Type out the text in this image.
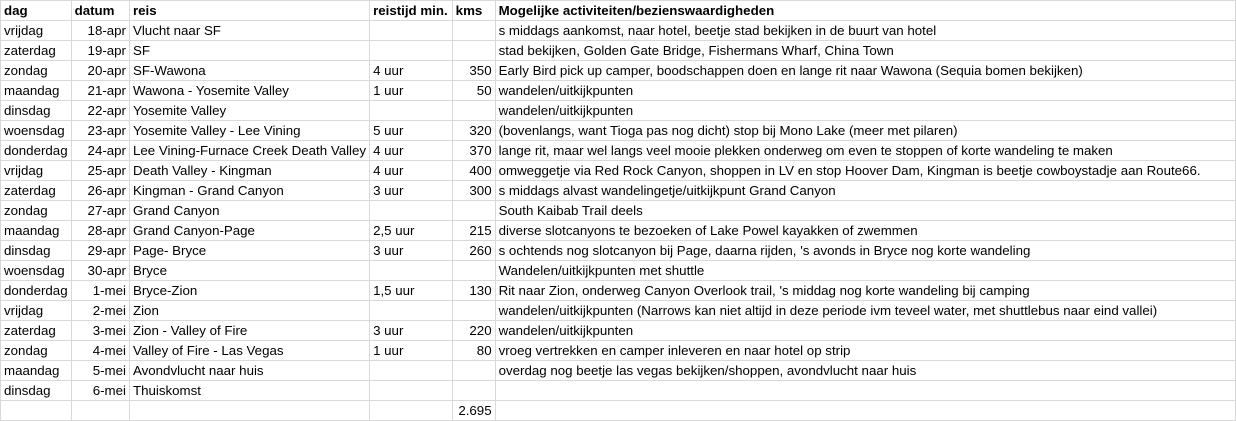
dag	datum	reis	reistijd min.	kms	Mogelijke activiteiten/bezienswaardigheden
vrijdag	18-apr	Vlucht naar SF			s middags aankomst, naar hotel, beetje stad bekijken in de buurt van hotel
zaterdag	19-apr	SF			stad bekijken, Golden Gate Bridge, Fishermans Wharf, China Town
zondag	20-apr	SF-Wawona	4 uur	350	Early Bird pick up camper, boodschappen doen en lange rit naar Wawona (Sequia bomen bekijken)
maandag	21-apr	Wawona - Yosemite Valley	1 uur	50	wandelen/uitkijkpunten
dinsdag	22-apr	Yosemite Valley			wandelen/uitkijkpunten
woensdag	23-apr	Yosemite Valley - Lee Vining	5 uur	320	(bovenlangs, want Tioga pas nog dicht) stop bij Mono Lake (meer met pilaren)
donderdag	24-apr	Lee Vining-Furnace Creek Death Valley	4 uur	370	lange rit, maar wel langs veel mooie plekken onderweg om even te stoppen of korte wandeling te maken
vrijdag	25-apr	Death Valley - Kingman	4 uur	400	omweggetje via Red Rock Canyon, shoppen in LV en stop Hoover Dam, Kingman is beetje cowboystadje aan Route66.
zaterdag	26-apr	Kingman - Grand Canyon	3 uur	300	s middags alvast wandelingetje/uitkijkpunt Grand Canyon
zondag	27-apr	Grand Canyon			South Kaibab Trail deels
maandag	28-apr	Grand Canyon-Page	2,5 uur	215	diverse slotcanyons te bezoeken of Lake Powel kayakken of zwemmen
dinsdag	29-apr	Page- Bryce	3 uur	260	s ochtends nog slotcanyon bij Page, daarna rijden, 's avonds in Bryce nog korte wandeling
woensdag	30-apr	Bryce			Wandelen/uitkijkpunten met shuttle
donderdag	1-mei	Bryce-Zion	1,5 uur	130	Rit naar Zion, onderweg Canyon Overlook trail, 's middag nog korte wandeling bij camping
vrijdag	2-mei	Zion			wandelen/uitkijkpunten (Narrows kan niet altijd in deze periode ivm teveel water, met shuttlebus naar eind vallei)
zaterdag	3-mei	Zion - Valley of Fire	3 uur	220	wandelen/uitkijkpunten
zondag	4-mei	Valley of Fire - Las Vegas	1 uur	80	vroeg vertrekken en camper inleveren en naar hotel op strip
maandag	5-mei	Avondvlucht naar huis			overdag nog beetje las vegas bekijken/shoppen, avondvlucht naar huis
dinsdag	6-mei	Thuiskomst			
				2.695	
